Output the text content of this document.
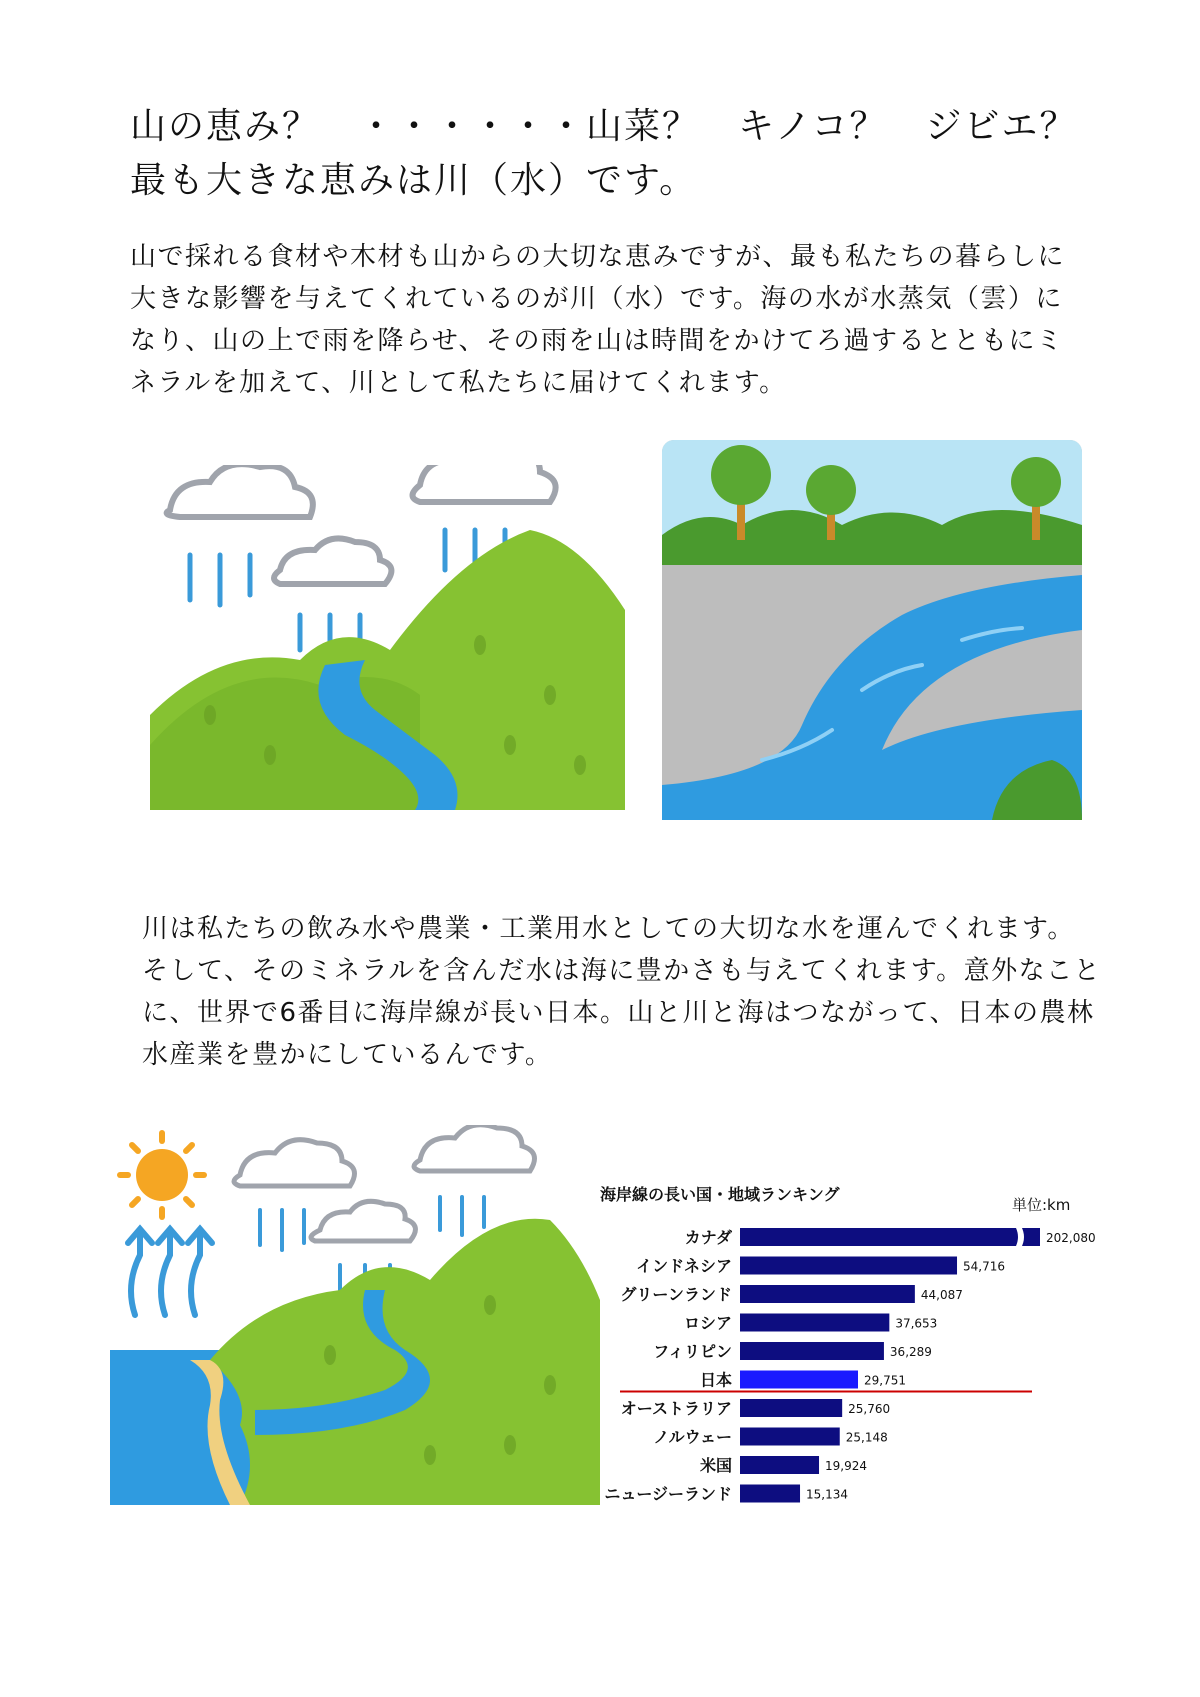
山の恵み？　・・・・・・山菜？　キノコ？　ジビエ？
最も大きな恵みは川（水）です。

山で採れる食材や木材も山からの大切な恵みですが、最も私たちの暮らしに大きな影響を与えてくれているのが川（水）です。海の水が水蒸気（雲）になり、山の上で雨を降らせ、その雨を山は時間をかけてろ過するとともにミネラルを加えて、川として私たちに届けてくれます。

川は私たちの飲み水や農業・工業用水としての大切な水を運んでくれます。そして、そのミネラルを含んだ水は海に豊かさも与えてくれます。意外なことに、世界で6番目に海岸線が長い日本。山と川と海はつながって、日本の農林水産業を豊かにしているんです。

海岸線の長い国・地域ランキング
単位:km
カナダ	202,080
インドネシア	54,716
グリーンランド	44,087
ロシア	37,653
フィリピン	36,289
日本	29,751
オーストラリア	25,760
ノルウェー	25,148
米国	19,924
ニュージーランド	15,134
